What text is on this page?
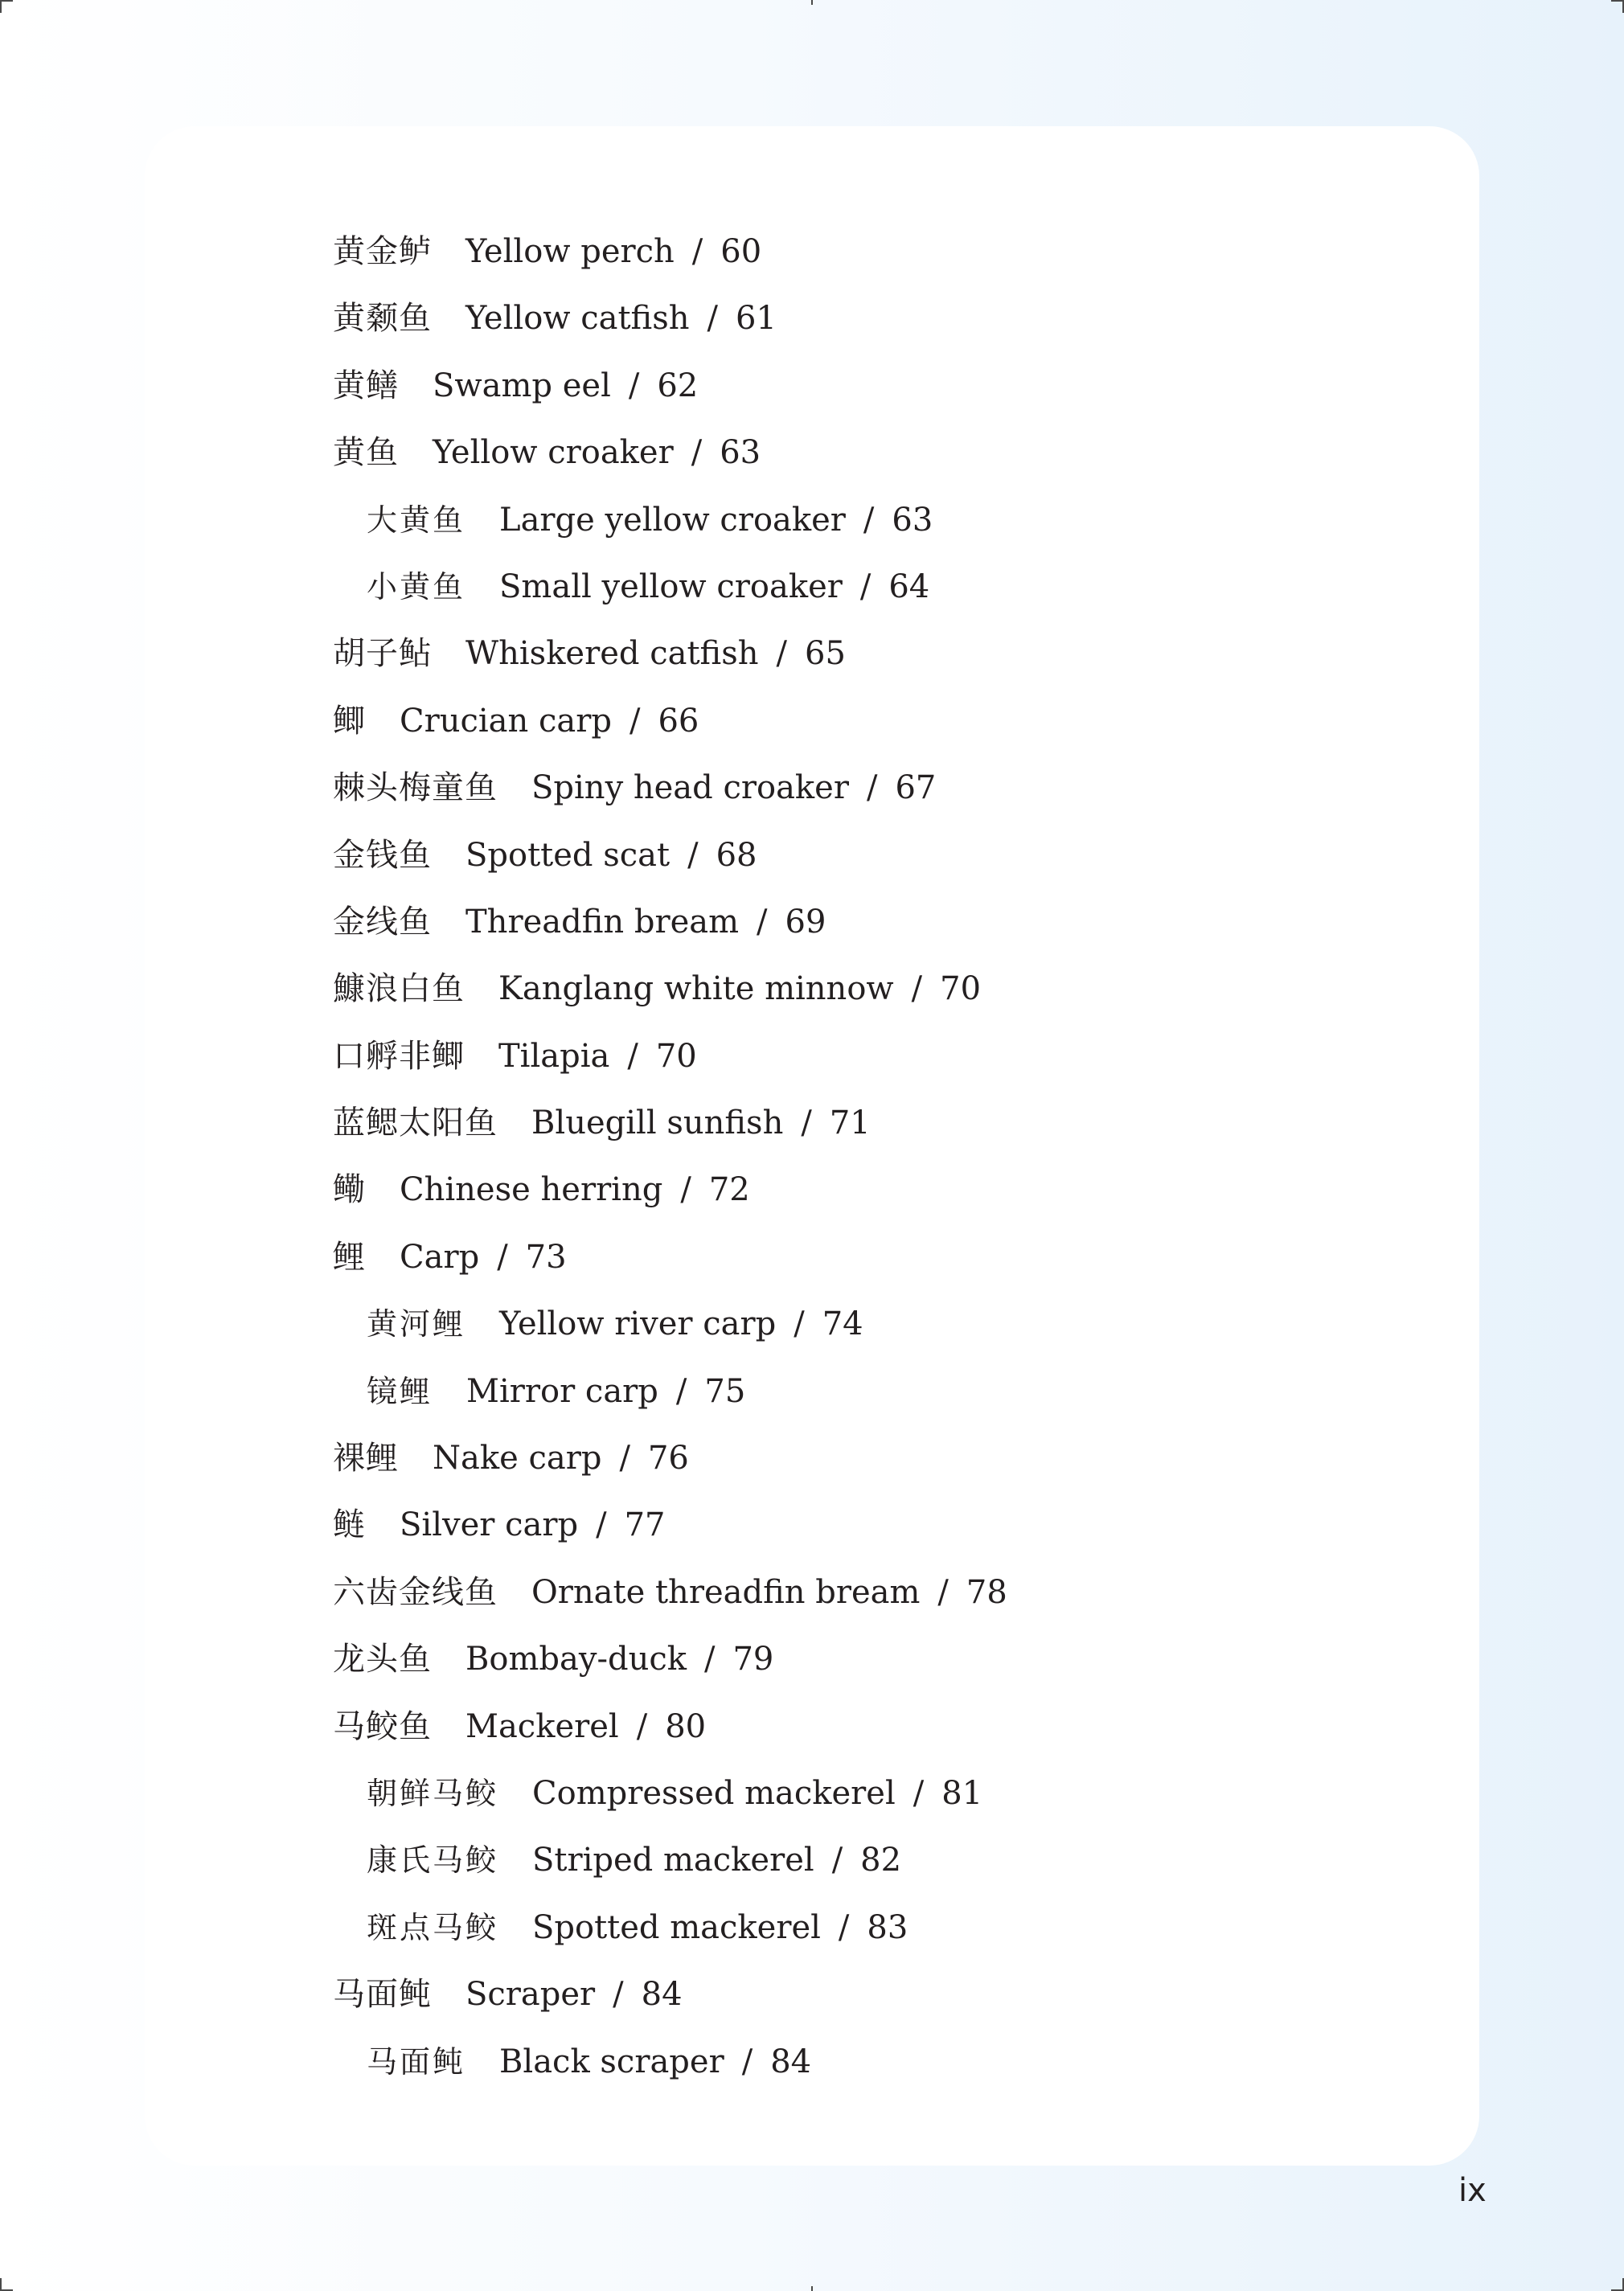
黄金鲈 Yellow perch / 60
黄颡鱼 Yellow catfish / 61
黄鳝 Swamp eel / 62
黄鱼 Yellow croaker / 63
大黄鱼 Large yellow croaker / 63
小黄鱼 Small yellow croaker / 64
胡子鲇 Whiskered catfish / 65
鲫 Crucian carp / 66
棘头梅童鱼 Spiny head croaker / 67
金钱鱼 Spotted scat / 68
金线鱼 Threadfin bream / 69
鱇浪白鱼 Kanglang white minnow / 70
口孵非鲫 Tilapia / 70
蓝鳃太阳鱼 Bluegill sunfish / 71
鳓 Chinese herring / 72
鲤 Carp / 73
黄河鲤 Yellow river carp / 74
镜鲤 Mirror carp / 75
裸鲤 Nake carp / 76
鲢 Silver carp / 77
六齿金线鱼 Ornate threadfin bream / 78
龙头鱼 Bombay-duck / 79
马鲛鱼 Mackerel / 80
朝鲜马鲛 Compressed mackerel / 81
康氏马鲛 Striped mackerel / 82
斑点马鲛 Spotted mackerel / 83
马面鲀 Scraper / 84
马面鲀 Black scraper / 84
ix
